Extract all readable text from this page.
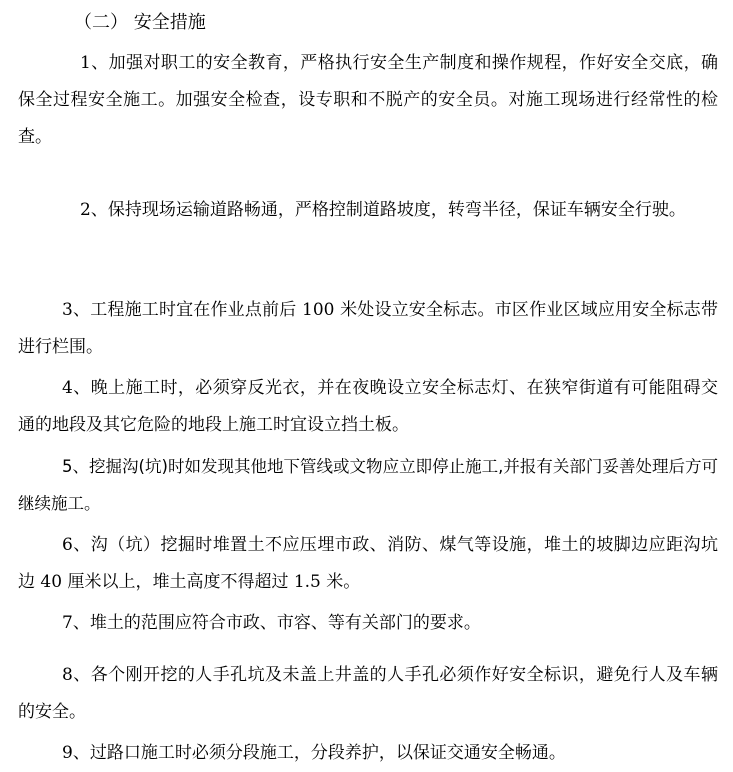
（二） 安全措施
1、加强对职工的安全教育，严格执行安全生产制度和操作规程，作好安全交底，确保全过程安全施工。加强安全检查，设专职和不脱产的安全员。对施工现场进行经常性的检查。
2、保持现场运输道路畅通，严格控制道路坡度，转弯半径，保证车辆安全行驶。
3、工程施工时宜在作业点前后 100 米处设立安全标志。市区作业区域应用安全标志带进行栏围。
4、晚上施工时，必须穿反光衣，并在夜晚设立安全标志灯、在狭窄街道有可能阻碍交通的地段及其它危险的地段上施工时宜设立挡土板。
5、挖掘沟(坑)时如发现其他地下管线或文物应立即停止施工,并报有关部门妥善处理后方可继续施工。
6、沟（坑）挖掘时堆置土不应压埋市政、消防、煤气等设施，堆土的坡脚边应距沟坑边 40 厘米以上，堆土高度不得超过 1.5 米。
7、堆土的范围应符合市政、市容、等有关部门的要求。
8、各个刚开挖的人手孔坑及未盖上井盖的人手孔必须作好安全标识，避免行人及车辆的安全。
9、过路口施工时必须分段施工，分段养护，以保证交通安全畅通。
